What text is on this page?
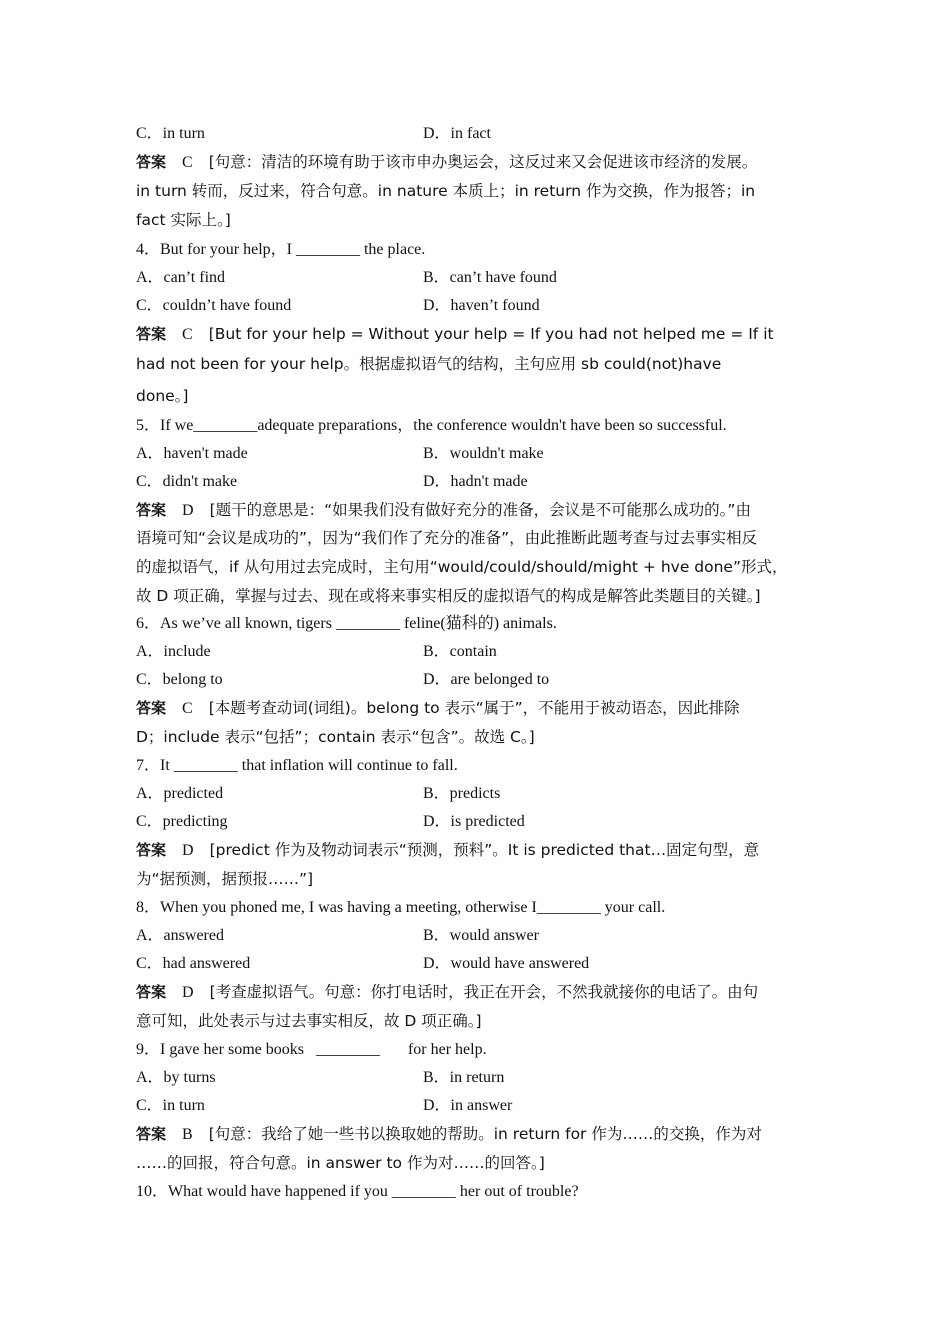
C．in turn	D．in fact
答案 C [句意：清洁的环境有助于该市申办奥运会，这反过来又会促进该市经济的发展。
in turn 转而，反过来，符合句意。in nature 本质上；in return 作为交换，作为报答；in
fact 实际上。]
4．But for your help，I ________ the place.
A．can’t find	B．can’t have found
C．couldn’t have found	D．haven’t found
答案 C [But for your help = Without your help = If you had not helped me = If it
had not been for your help。根据虚拟语气的结构，主句应用 sb could(not)have
done。]
5．If we________adequate preparations，the conference wouldn't have been so successful.
A．haven't made	B．wouldn't make
C．didn't make	D．hadn't made
答案 D [题干的意思是：“如果我们没有做好充分的准备，会议是不可能那么成功的。”由
语境可知“会议是成功的”，因为“我们作了充分的准备”，由此推断此题考查与过去事实相反
的虚拟语气，if 从句用过去完成时，主句用“would/could/should/might + hve done”形式，
故 D 项正确，掌握与过去、现在或将来事实相反的虚拟语气的构成是解答此类题目的关键。]
6．As we’ve all known, tigers ________ feline(猫科的) animals.
A．include	B．contain
C．belong to	D．are belonged to
答案 C [本题考查动词(词组)。belong to 表示“属于”，不能用于被动语态，因此排除
D；include 表示“包括”；contain 表示“包含”。故选 C。]
7．It ________ that inflation will continue to fall.
A．predicted	B．predicts
C．predicting	D．is predicted
答案 D [predict 作为及物动词表示“预测，预料”。It is predicted that…固定句型，意
为“据预测，据预报……”]
8．When you phoned me, I was having a meeting, otherwise I________ your call.
A．answered	B．would answer
C．had answered	D．would have answered
答案 D [考查虚拟语气。句意：你打电话时，我正在开会，不然我就接你的电话了。由句
意可知，此处表示与过去事实相反，故 D 项正确。]
9．I gave her some books   ________       for her help.
A．by turns	B．in return
C．in turn	D．in answer
答案 B [句意：我给了她一些书以换取她的帮助。in return for 作为……的交换，作为对
……的回报，符合句意。in answer to 作为对……的回答。]
10．What would have happened if you ________ her out of trouble?
